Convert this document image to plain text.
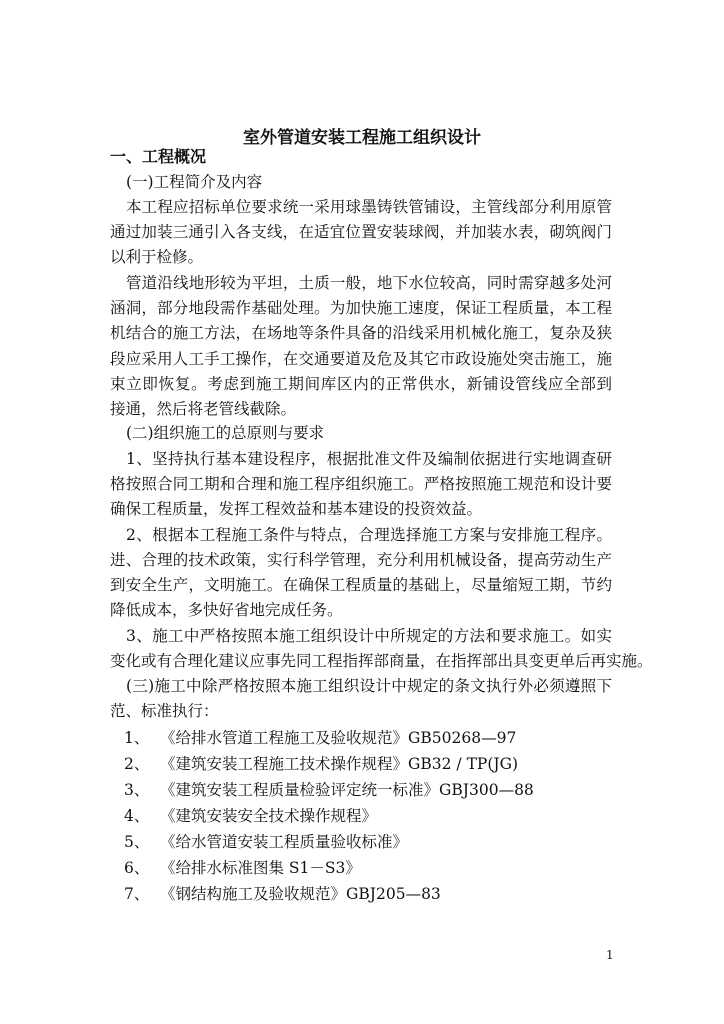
室外管道安装工程施工组织设计
一、工程概况
(一)工程简介及内容
1
本工程应招标单位要求统一采用球墨铸铁管铺设，主管线部分利用原管
通过加装三通引入各支线，在适宜位置安装球阀，并加装水表，砌筑阀门
以利于检修。
管道沿线地形较为平坦，土质一般，地下水位较高，同时需穿越多处河
涵洞，部分地段需作基础处理。为加快施工速度，保证工程质量，本工程
机结合的施工方法，在场地等条件具备的沿线采用机械化施工，复杂及狭
段应采用人工手工操作，在交通要道及危及其它市政设施处突击施工，施
束立即恢复。考虑到施工期间库区内的正常供水，新铺设管线应全部到
接通，然后将老管线截除。
(二)组织施工的总原则与要求
1、坚持执行基本建设程序，根据批准文件及编制依据进行实地调查研
格按照合同工期和合理和施工程序组织施工。严格按照施工规范和设计要
确保工程质量，发挥工程效益和基本建设的投资效益。
2、根据本工程施工条件与特点，合理选择施工方案与安排施工程序。
进、合理的技术政策，实行科学管理，充分利用机械设备，提高劳动生产
到安全生产，文明施工。在确保工程质量的基础上，尽量缩短工期，节约
降低成本，多快好省地完成任务。
3、施工中严格按照本施工组织设计中所规定的方法和要求施工。如实
变化或有合理化建议应事先同工程指挥部商量，在指挥部出具变更单后再实施。
(三)施工中除严格按照本施工组织设计中规定的条文执行外必须遵照下
范、标准执行：
1、 《给排水管道工程施工及验收规范》GB50268—97
2、 《建筑安装工程施工技术操作规程》GB32 / TP(JG)
3、 《建筑安装工程质量检验评定统一标准》GBJ300—88
4、 《建筑安装安全技术操作规程》
5、 《给水管道安装工程质量验收标准》
6、 《给排水标准图集 S1－S3》
7、 《钢结构施工及验收规范》GBJ205—83
